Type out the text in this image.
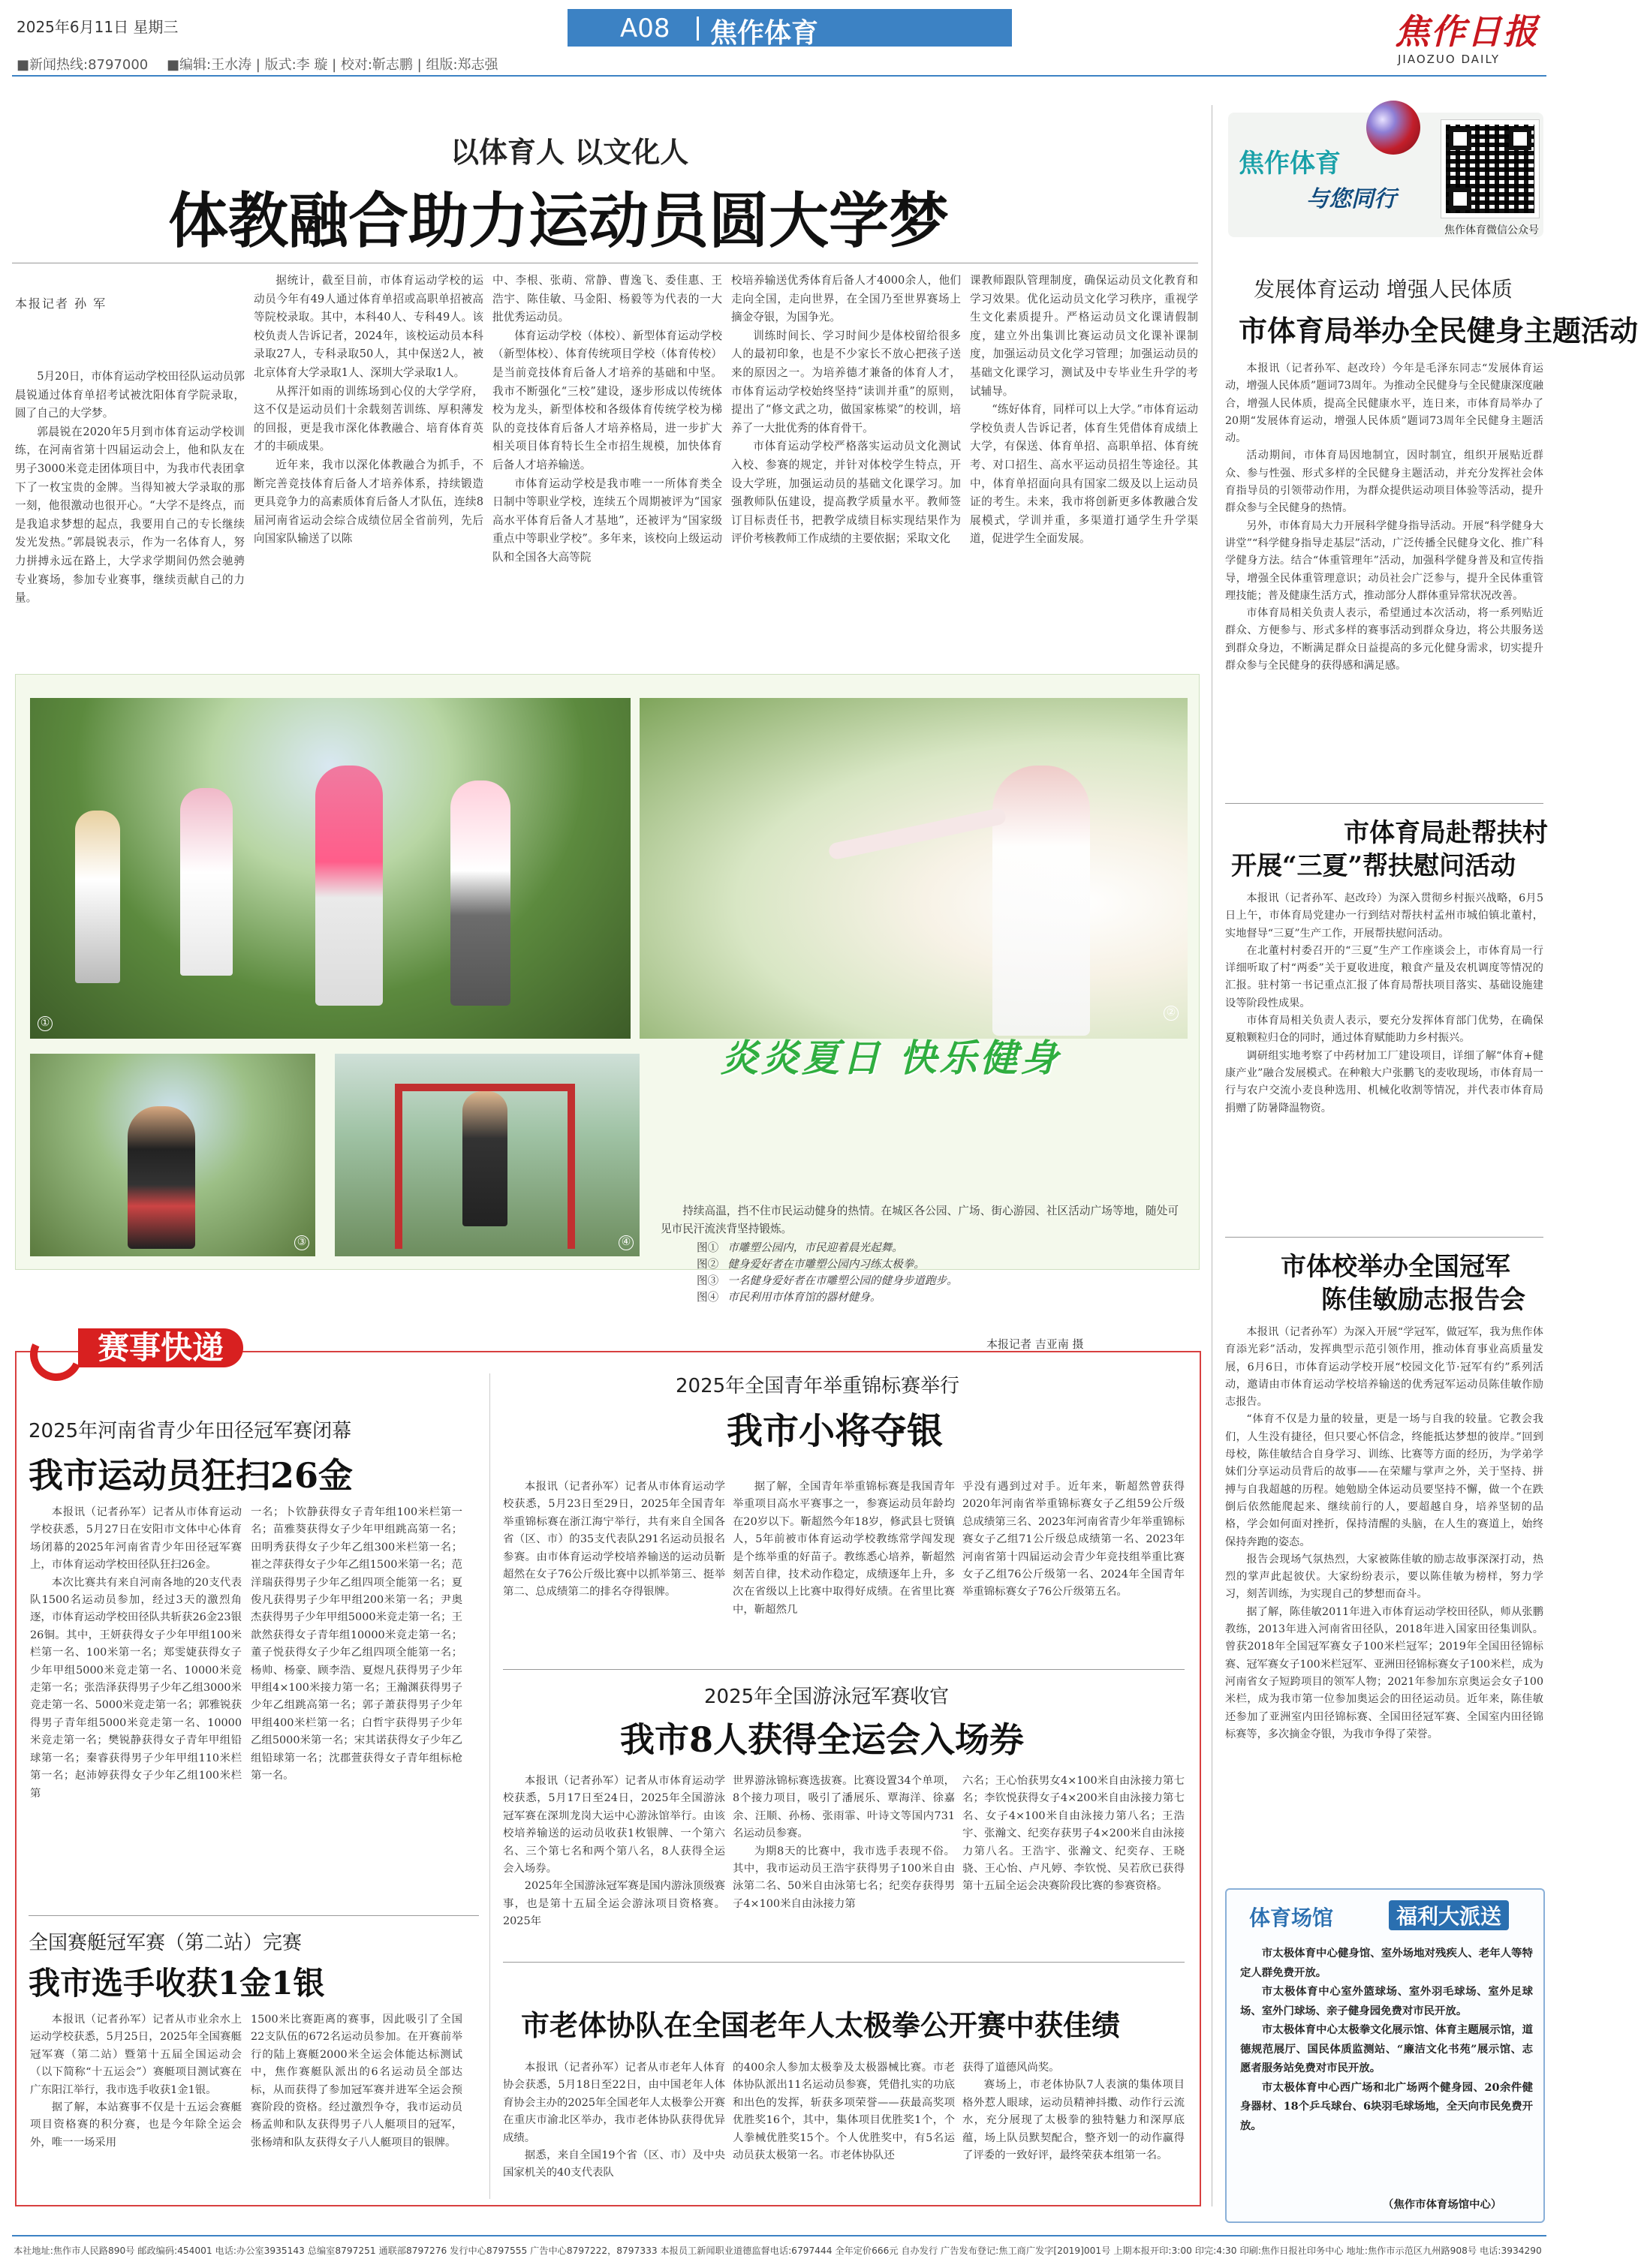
2025年6月11日 星期三	A08 焦作体育	焦作日报
JIAOZUO DAILY
■新闻热线:8797000 ■编辑:王水涛 | 版式:李 璇 | 校对:靳志鹏 | 组版:郑志强
焦作体育
与您同行
焦作体育微信公众号
以体育人 以文化人
体教融合助力运动员圆大学梦
本报记者 孙 军

5月20日，市体育运动学校田径队运动员郭晨锐通过体育单招考试被沈阳体育学院录取，圆了自己的大学梦。

郭晨锐在2020年5月到市体育运动学校训练，在河南省第十四届运动会上，他和队友在男子3000米竞走团体项目中，为我市代表团拿下了一枚宝贵的金牌。当得知被大学录取的那一刻，他很激动也很开心。“大学不是终点，而是我追求梦想的起点，我要用自己的专长继续发光发热。”郭晨锐表示，作为一名体育人，努力拼搏永远在路上，大学求学期间仍然会驰骋专业赛场，参加专业赛事，继续贡献自己的力量。

据统计，截至目前，市体育运动学校的运动员今年有49人通过体育单招或高职单招被高等院校录取。其中，本科40人、专科49人。该校负责人告诉记者，2024年，该校运动员本科录取27人，专科录取50人，其中保送2人，被北京体育大学录取1人、深圳大学录取1人。

从挥汗如雨的训练场到心仪的大学学府，这不仅是运动员们十余载刻苦训练、厚积薄发的回报，更是我市深化体教融合、培育体育英才的丰硕成果。

近年来，我市以深化体教融合为抓手，不断完善竞技体育后备人才培养体系，持续锻造更具竞争力的高素质体育后备人才队伍，连续8届河南省运动会综合成绩位居全省前列，先后向国家队输送了以陈

中、李根、张萌、常静、曹逸飞、委佳惠、王浩宇、陈佳敏、马金阳、杨毅等为代表的一大批优秀运动员。

体育运动学校（体校）、新型体育运动学校（新型体校）、体育传统项目学校（体育传校）是当前竞技体育后备人才培养的基础和中坚。我市不断强化“三校”建设，逐步形成以传统体校为龙头，新型体校和各级体育传统学校为梯队的竞技体育后备人才培养格局，进一步扩大相关项目体育特长生全市招生规模，加快体育后备人才培养输送。

市体育运动学校是我市唯一一所体育类全日制中等职业学校，连续五个周期被评为“国家高水平体育后备人才基地”，还被评为“国家级重点中等职业学校”。多年来，该校向上级运动队和全国各大高等院

校培养输送优秀体育后备人才4000余人，他们走向全国，走向世界，在全国乃至世界赛场上摘金夺银，为国争光。

训练时间长、学习时间少是体校留给很多人的最初印象，也是不少家长不放心把孩子送来的原因之一。为培养德才兼备的体育人才，市体育运动学校始终坚持“读训并重”的原则，提出了“修文武之功，做国家栋梁”的校训，培养了一大批优秀的体育骨干。

市体育运动学校严格落实运动员文化测试入校、参赛的规定，并针对体校学生特点，开设大学班，加强运动员的基础文化课学习。加强教师队伍建设，提高教学质量水平。教师签订目标责任书，把教学成绩目标实现结果作为评价考核教师工作成绩的主要依据；采取文化

课教师跟队管理制度，确保运动员文化教育和学习效果。优化运动员文化学习秩序，重视学生文化素质提升。严格运动员文化课请假制度，建立外出集训比赛运动员文化课补课制度，加强运动员文化学习管理；加强运动员的基础文化课学习，测试及中专毕业生升学的考试辅导。

“练好体育，同样可以上大学。”市体育运动学校负责人告诉记者，体育生凭借体育成绩上大学，有保送、体育单招、高职单招、体育统考、对口招生、高水平运动员招生等途径。其中，体育单招面向具有国家二级及以上运动员证的考生。未来，我市将创新更多体教融合发展模式，学训并重，多渠道打通学生升学渠道，促进学生全面发展。

发展体育运动 增强人民体质
市体育局举办全民健身主题活动

本报讯（记者孙军、赵改玲）今年是毛泽东同志“发展体育运动，增强人民体质”题词73周年。为推动全民健身与全民健康深度融合，增强人民体质，提高全民健康水平，连日来，市体育局举办了20期“发展体育运动，增强人民体质”题词73周年全民健身主题活动。

活动期间，市体育局因地制宜，因时制宜，组织开展贴近群众、参与性强、形式多样的全民健身主题活动，并充分发挥社会体育指导员的引领带动作用，为群众提供运动项目体验等活动，提升群众参与全民健身的热情。

另外，市体育局大力开展科学健身指导活动。开展“科学健身大讲堂”“科学健身指导走基层”活动，广泛传播全民健身文化、推广科学健身方法。结合“体重管理年”活动，加强科学健身普及和宣传指导，增强全民体重管理意识；动员社会广泛参与，提升全民体重管理技能；普及健康生活方式，推动部分人群体重异常状况改善。

市体育局相关负责人表示，希望通过本次活动，将一系列贴近群众、方便参与、形式多样的赛事活动到群众身边，将公共服务送到群众身边，不断满足群众日益提高的多元化健身需求，切实提升群众参与全民健身的获得感和满足感。

市体育局赴帮扶村
开展“三夏”帮扶慰问活动

本报讯（记者孙军、赵改玲）为深入贯彻乡村振兴战略，6月5日上午，市体育局党建办一行到结对帮扶村孟州市城伯镇北董村，实地督导“三夏”生产工作，开展帮扶慰问活动。

在北董村村委召开的“三夏”生产工作座谈会上，市体育局一行详细听取了村“两委”关于夏收进度，粮食产量及农机调度等情况的汇报。驻村第一书记重点汇报了体育局帮扶项目落实、基础设施建设等阶段性成果。

市体育局相关负责人表示，要充分发挥体育部门优势，在确保夏粮颗粒归仓的同时，通过体育赋能助力乡村振兴。

调研组实地考察了中药材加工厂建设项目，详细了解“体育+健康产业”融合发展模式。在种粮大户张鹏飞的麦收现场，市体育局一行与农户交流小麦良种选用、机械化收割等情况，并代表市体育局捐赠了防暑降温物资。

市体校举办全国冠军
陈佳敏励志报告会

本报讯（记者孙军）为深入开展“学冠军，做冠军，我为焦作体育添光彩”活动，发挥典型示范引领作用，推动体育事业高质量发展，6月6日，市体育运动学校开展“校园文化节·冠军有约”系列活动，邀请由市体育运动学校培养输送的优秀冠军运动员陈佳敏作励志报告。

“体育不仅是力量的较量，更是一场与自我的较量。它教会我们，人生没有捷径，但只要心怀信念，终能抵达梦想的彼岸。”回到母校，陈佳敏结合自身学习、训练、比赛等方面的经历，为学弟学妹们分享运动员背后的故事——在荣耀与掌声之外，关于坚持、拼搏与自我超越的历程。她勉励全体运动员要坚持不懈，做一个在跌倒后依然能爬起来、继续前行的人，要超越自身，培养坚韧的品格，学会如何面对挫折，保持清醒的头脑，在人生的赛道上，始终保持奔跑的姿态。

报告会现场气氛热烈，大家被陈佳敏的励志故事深深打动，热烈的掌声此起彼伏。大家纷纷表示，要以陈佳敏为榜样，努力学习，刻苦训练，为实现自己的梦想而奋斗。

据了解，陈佳敏2011年进入市体育运动学校田径队，师从张鹏教练，2013年进入河南省田径队，2018年进入国家田径集训队。曾获2018年全国冠军赛女子100米栏冠军；2019年全国田径锦标赛、冠军赛女子100米栏冠军、亚洲田径锦标赛女子100米栏，成为河南省女子短跨项目的领军人物；2021年参加东京奥运会女子100米栏，成为我市第一位参加奥运会的田径运动员。近年来，陈佳敏还参加了亚洲室内田径锦标赛、全国田径冠军赛、全国室内田径锦标赛等，多次摘金夺银，为我市争得了荣誉。

体育场馆	福利大派送

市太极体育中心健身馆、室外场地对残疾人、老年人等特定人群免费开放。

市太极体育中心室外篮球场、室外羽毛球场、室外足球场、室外门球场、亲子健身园免费对市民开放。

市太极体育中心太极拳文化展示馆、体育主题展示馆，道德规范展厅、国民体质监测站、“廉洁文化书苑”展示馆、志愿者服务站免费对市民开放。

市太极体育中心西广场和北广场两个健身园、20余件健身器材、18个乒乓球台、6块羽毛球场地，全天向市民免费开放。

（焦作市体育场馆中心）
①
②
炎炎夏日 快乐健身
③	④

持续高温，挡不住市民运动健身的热情。在城区各公园、广场、街心游园、社区活动广场等地，随处可见市民汗流浃背坚持锻炼。

图① 市雕塑公园内，市民迎着晨光起舞。
图② 健身爱好者在市雕塑公园内习练太极拳。
图③ 一名健身爱好者在市雕塑公园的健身步道跑步。
图④ 市民利用市体育馆的器材健身。
本报记者 吉亚南 摄
赛事快递
2025年河南省青少年田径冠军赛闭幕
我市运动员狂扫26金

本报讯（记者孙军）记者从市体育运动学校获悉，5月27日在安阳市文体中心体育场闭幕的2025年河南省青少年田径冠军赛上，市体育运动学校田径队狂扫26金。

本次比赛共有来自河南各地的20支代表队1500名运动员参加，经过3天的激烈角逐，市体育运动学校田径队共斩获26金23银26铜。其中，王妍获得女子少年甲组100米栏第一名、100米第一名；郑雯婕获得女子少年甲组5000米竞走第一名、10000米竞走第一名；张浩泽获得男子少年乙组3000米竞走第一名、5000米竞走第一名；郭雅锐获得男子青年组5000米竞走第一名、10000米竞走第一名；樊锐静获得女子青年甲组铅球第一名；秦睿获得男子少年甲组110米栏第一名；赵沛婷获得女子少年乙组100米栏第

一名；卜钦静获得女子青年组100米栏第一名；苗雅葵获得女子少年甲组跳高第一名；田明秀获得女子少年乙组300米栏第一名；崔之萍获得女子少年乙组1500米第一名；范洋瑞获得男子少年乙组四项全能第一名；夏俊凡获得男子少年甲组200米第一名；尹奥杰获得男子少年甲组5000米竞走第一名；王歆然获得女子青年组10000米竞走第一名；董子悦获得女子少年乙组四项全能第一名；杨帅、杨豪、顾李浩、夏煜凡获得男子少年甲组4×100米接力第一名；王瀚渊获得男子少年乙组跳高第一名；郭子萧获得男子少年甲组400米栏第一名；白哲宇获得男子少年乙组5000米第一名；宋其诺获得女子少年乙组铅球第一名；沈郡萱获得女子青年组标枪第一名。

全国赛艇冠军赛（第二站）完赛
我市选手收获1金1银

本报讯（记者孙军）记者从市业余水上运动学校获悉，5月25日，2025年全国赛艇冠军赛（第二站）暨第十五届全国运动会（以下简称“十五运会”）赛艇项目测试赛在广东阳江举行，我市选手收获1金1银。

据了解，本站赛事不仅是十五运会赛艇项目资格赛的积分赛，也是今年除全运会外，唯一一场采用

1500米比赛距离的赛事，因此吸引了全国22支队伍的672名运动员参加。在开赛前举行的陆上赛艇2000米全运会体能达标测试中，焦作赛艇队派出的6名运动员全部达标，从而获得了参加冠军赛并进军全运会预赛阶段的资格。经过激烈争夺，我市运动员杨孟帅和队友获得男子八人艇项目的冠军，张杨靖和队友获得女子八人艇项目的银牌。

2025年全国青年举重锦标赛举行
我市小将夺银

本报讯（记者孙军）记者从市体育运动学校获悉，5月23日至29日，2025年全国青年举重锦标赛在浙江海宁举行，共有来自全国各省（区、市）的35支代表队291名运动员报名参赛。由市体育运动学校培养输送的运动员靳超然在女子76公斤级比赛中以抓举第三、挺举第二、总成绩第二的排名夺得银牌。

据了解，全国青年举重锦标赛是我国青年举重项目高水平赛事之一，参赛运动员年龄均在20岁以下。靳超然今年18岁，修武县七贤镇人，5年前被市体育运动学校教练常学闯发现是个练举重的好苗子。教练悉心培养，靳超然刻苦自律，技术动作稳定，成绩逐年上升，多次在省级以上比赛中取得好成绩。在省里比赛中，靳超然几

乎没有遇到过对手。近年来，靳超然曾获得2020年河南省举重锦标赛女子乙组59公斤级总成绩第三名、2023年河南省青少年举重锦标赛女子乙组71公斤级总成绩第一名、2023年河南省第十四届运动会青少年竞技组举重比赛女子乙组76公斤级第一名、2024年全国青年举重锦标赛女子76公斤级第五名。

2025年全国游泳冠军赛收官
我市8人获得全运会入场券

本报讯（记者孙军）记者从市体育运动学校获悉，5月17日至24日，2025年全国游泳冠军赛在深圳龙岗大运中心游泳馆举行。由该校培养输送的运动员收获1枚银牌、一个第六名、三个第七名和两个第八名，8人获得全运会入场券。

2025年全国游泳冠军赛是国内游泳顶级赛事，也是第十五届全运会游泳项目资格赛。2025年

世界游泳锦标赛选拔赛。比赛设置34个单项，8个接力项目，吸引了潘展乐、覃海洋、徐嘉余、汪顺、孙杨、张雨霏、叶诗文等国内731名运动员参赛。

为期8天的比赛中，我市选手表现不俗。其中，我市运动员王浩宇获得男子100米自由泳第二名、50米自由泳第七名；纪奕存获得男子4×100米自由泳接力第

六名；王心怡获男女4×100米自由泳接力第七名；李钦悦获得女子4×200米自由泳接力第七名、女子4×100米自由泳接力第八名；王浩宇、张瀚文、纪奕存获男子4×200米自由泳接力第八名。王浩宇、张瀚文、纪奕存、王晓骁、王心怡、卢凡婷、李钦悦、吴若欣已获得第十五届全运会决赛阶段比赛的参赛资格。

市老体协队在全国老年人太极拳公开赛中获佳绩

本报讯（记者孙军）记者从市老年人体育协会获悉，5月18日至22日，由中国老年人体育协会主办的2025年全国老年人太极拳公开赛在重庆市渝北区举办，我市老体协队获得优异成绩。

据悉，来自全国19个省（区、市）及中央国家机关的40支代表队

的400余人参加太极拳及太极器械比赛。市老体协队派出11名运动员参赛，凭借扎实的功底和出色的发挥，斩获多项荣誉——获最高奖项优胜奖16个，其中，集体项目优胜奖1个，个人拳械优胜奖15个。个人优胜奖中，有5名运动员获太极第一名。市老体协队还

获得了道德风尚奖。

赛场上，市老体协队7人表演的集体项目格外惹人眼球，运动员精神抖擞、动作行云流水，充分展现了太极拳的独特魅力和深厚底蕴，场上队员默契配合，整齐划一的动作赢得了评委的一致好评，最终荣获本组第一名。

本社地址:焦作市人民路890号 邮政编码:454001 电话:办公室3935143 总编室8797251 通联部8797276 发行中心8797555 广告中心8797222，8797333 本报员工新闻职业道德监督电话:6797444 全年定价666元 自办发行 广告发布登记:焦工商广发字[2019]001号 上期本报开印:3:00 印完:4:30 印刷:焦作日报社印务中心 地址:焦作市示范区九州路908号 电话:3934290
